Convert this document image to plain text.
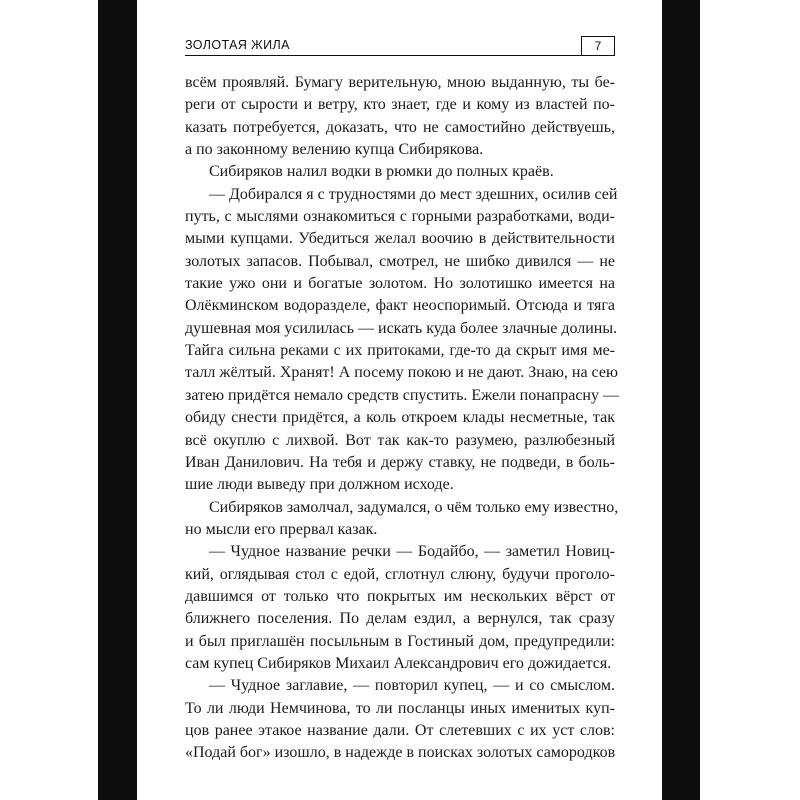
ЗОЛОТАЯ ЖИЛА	7

всём проявляй. Бумагу верительную, мною выданную, ты бе-
реги от сырости и ветру, кто знает, где и кому из властей по-
казать потребуется, доказать, что не самостийно действуешь,
а по законному велению купца Сибирякова.

Сибиряков налил водки в рюмки до полных краёв.

— Добирался я с трудностями до мест здешних, осилив сей
путь, с мыслями ознакомиться с горными разработками, води-
мыми купцами. Убедиться желал воочию в действительности
золотых запасов. Побывал, смотрел, не шибко дивился — не
такие ужо они и богатые золотом. Но золотишко имеется на
Олёкминском водоразделе, факт неоспоримый. Отсюда и тяга
душевная моя усилилась — искать куда более злачные долины.
Тайга сильна реками с их притоками, где-то да скрыт имя ме-
талл жёлтый. Хранят! А посему покою и не дают. Знаю, на сею
затею придётся немало средств спустить. Ежели понапрасну —
обиду снести придётся, а коль откроем клады несметные, так
всё окуплю с лихвой. Вот так как-то разумею, разлюбезный
Иван Данилович. На тебя и держу ставку, не подведи, в боль-
шие люди выведу при должном исходе.

Сибиряков замолчал, задумался, о чём только ему известно,
но мысли его прервал казак.

— Чудное название речки — Бодайбо, — заметил Новиц-
кий, оглядывая стол с едой, сглотнул слюну, будучи проголо-
давшимся от только что покрытых им нескольких вёрст от
ближнего поселения. По делам ездил, а вернулся, так сразу
и был приглашён посыльным в Гостиный дом, предупредили:
сам купец Сибиряков Михаил Александрович его дожидается.

— Чудное заглавие, — повторил купец, — и со смыслом.
То ли люди Немчинова, то ли посланцы иных именитых куп-
цов ранее этакое название дали. От слетевших с их уст слов:
«Подай бог» изошло, в надежде в поисках золотых самородков
